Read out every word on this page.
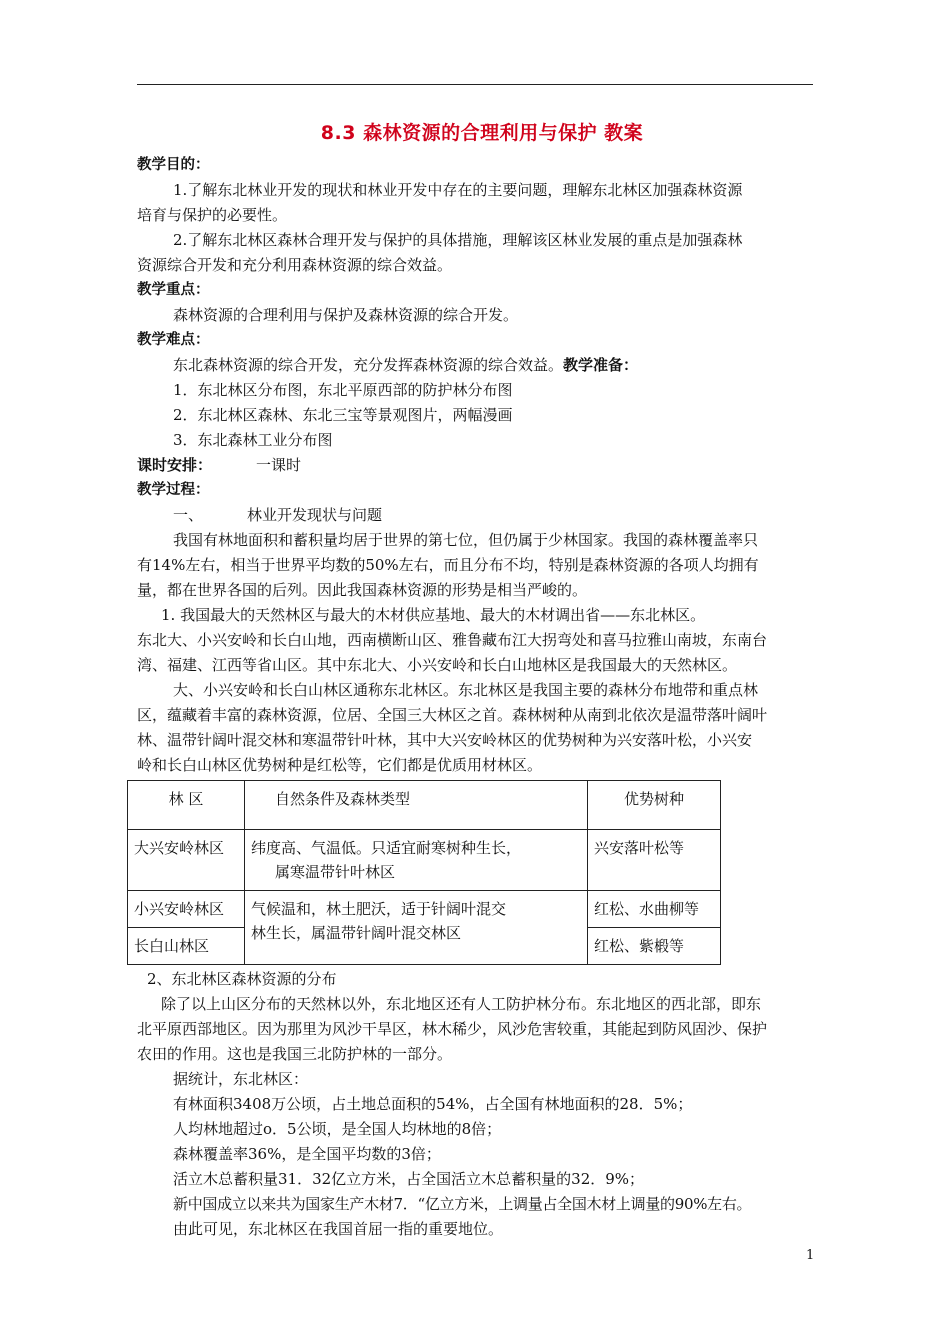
8.3 森林资源的合理利用与保护 教案

教学目的：

1.了解东北林业开发的现状和林业开发中存在的主要问题，理解东北林区加强森林资源

培育与保护的必要性。

2.了解东北林区森林合理开发与保护的具体措施，理解该区林业发展的重点是加强森林

资源综合开发和充分利用森林资源的综合效益。

教学重点：

森林资源的合理利用与保护及森林资源的综合开发。

教学难点：

东北森林资源的综合开发，充分发挥森林资源的综合效益。教学准备：

1．东北林区分布图，东北平原西部的防护林分布图

2．东北林区森林、东北三宝等景观图片，两幅漫画

3．东北森林工业分布图

课时安排：	一课时

教学过程：

一、	林业开发现状与问题

我国有林地面积和蓄积量均居于世界的第七位，但仍属于少林国家。我国的森林覆盖率只

有14%左右，相当于世界平均数的50%左右，而且分布不均，特别是森林资源的各项人均拥有

量，都在世界各国的后列。因此我国森林资源的形势是相当严峻的。

1. 我国最大的天然林区与最大的木材供应基地、最大的木材调出省——东北林区。

东北大、小兴安岭和长白山地，西南横断山区、雅鲁藏布江大拐弯处和喜马拉雅山南坡，东南台

湾、福建、江西等省山区。其中东北大、小兴安岭和长白山地林区是我国最大的天然林区。

大、小兴安岭和长白山林区通称东北林区。东北林区是我国主要的森林分布地带和重点林

区，蕴藏着丰富的森林资源，位居、全国三大林区之首。森林树种从南到北依次是温带落叶阔叶

林、温带针阔叶混交林和寒温带针叶林，其中大兴安岭林区的优势树种为兴安落叶松，小兴安

岭和长白山林区优势树种是红松等，它们都是优质用材林区。

林 区	自然条件及森林类型	优势树种
大兴安岭林区	纬度高、气温低。只适宜耐寒树种生长，
属寒温带针叶林区	兴安落叶松等
小兴安岭林区	气候温和，林土肥沃，适于针阔叶混交
林生长，属温带针阔叶混交林区	红松、水曲柳等
长白山林区		红松、紫椴等

2、东北林区森林资源的分布

除了以上山区分布的天然林以外，东北地区还有人工防护林分布。东北地区的西北部，即东

北平原西部地区。因为那里为风沙干旱区，林木稀少，风沙危害较重，其能起到防风固沙、保护

农田的作用。这也是我国三北防护林的一部分。

据统计，东北林区：

有林面积3408万公顷，占土地总面积的54%，占全国有林地面积的28．5%；

人均林地超过o．5公顷，是全国人均林地的8倍；

森林覆盖率36%，是全国平均数的3倍；

活立木总蓄积量31．32亿立方米，占全国活立木总蓄积量的32．9%；

新中国成立以来共为国家生产木材7．“亿立方米，上调量占全国木材上调量的90%左右。

由此可见，东北林区在我国首屈一指的重要地位。

1
